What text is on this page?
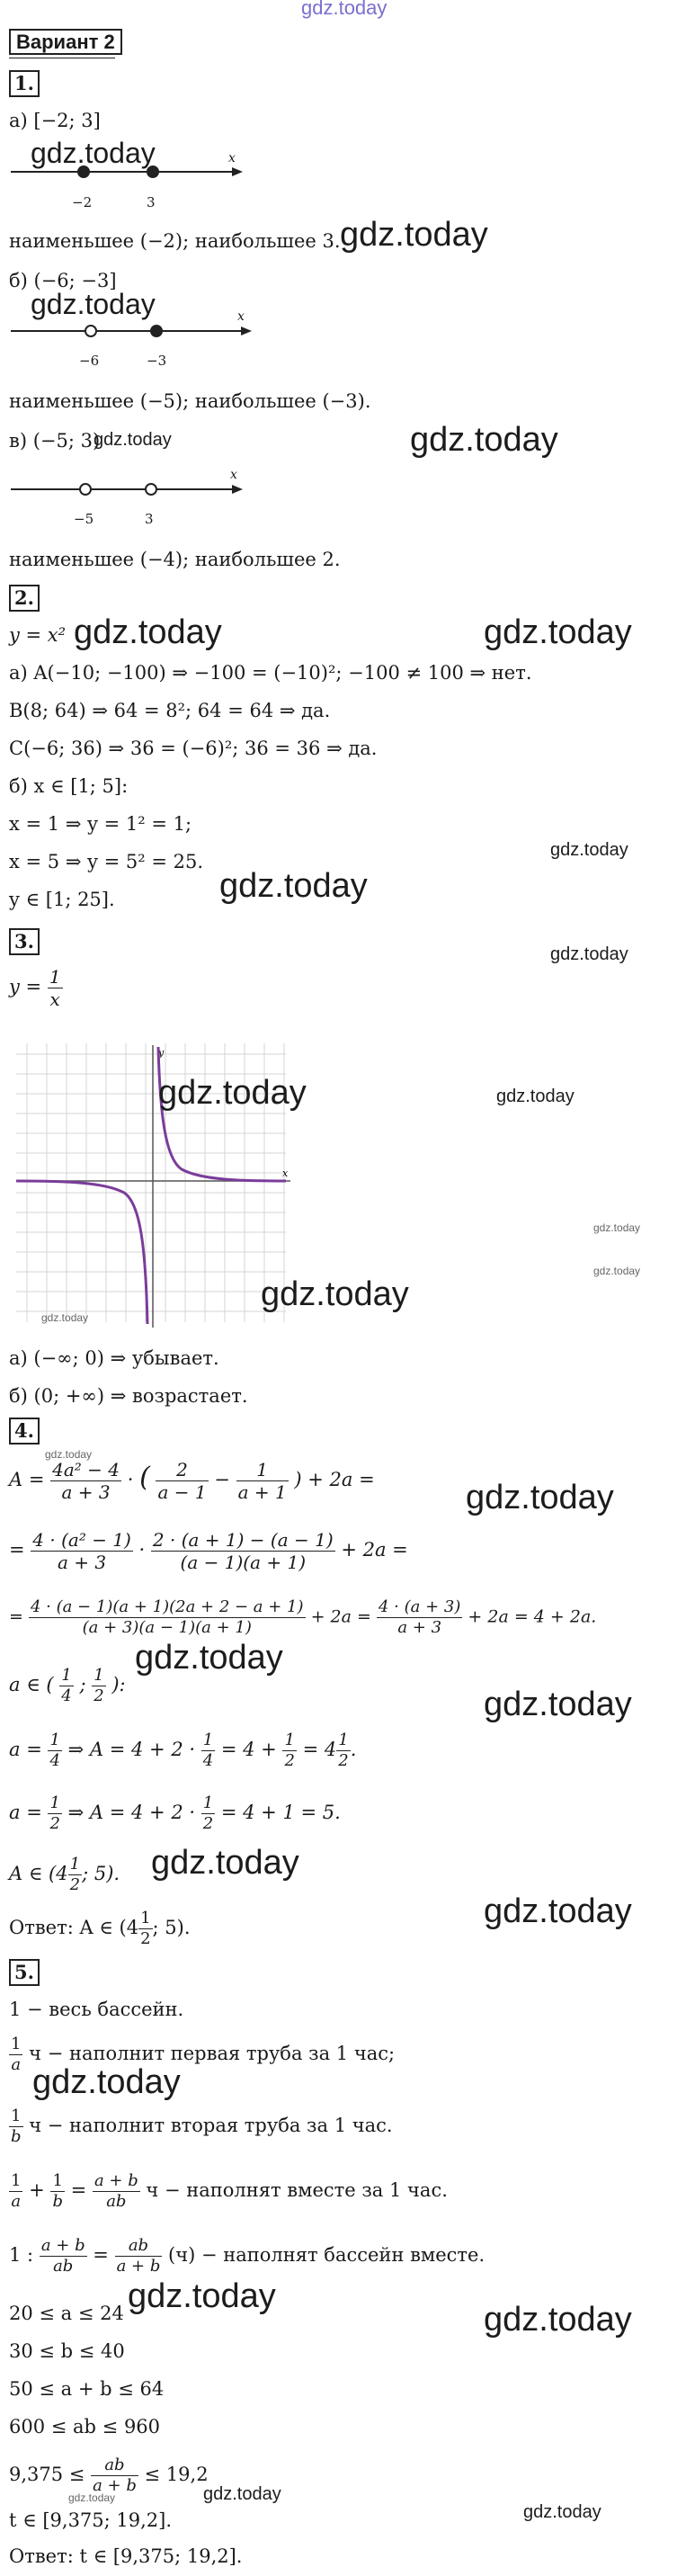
gdz.today
Вариант 2
1.
а) [−2; 3]
x
−2	3
gdz.today
наименьшее (−2); наибольшее 3. gdz.today
б) (−6; −3]
x
−6	−3
gdz.today
наименьшее (−5); наибольшее (−3).
в) (−5; 3)
gdz.today	gdz.today
x
−5	3
наименьшее (−4); наибольшее 2.
2.
y = x² gdz.today	gdz.today
а) A(−10; −100) ⇒ −100 = (−10)²; −100 ≠ 100 ⇒ нет.
B(8; 64) ⇒ 64 = 8²; 64 = 64 ⇒ да.
C(−6; 36) ⇒ 36 = (−6)²; 36 = 36 ⇒ да.
б) x ∈ [1; 5]:
x = 1 ⇒ y = 1² = 1;
x = 5 ⇒ y = 5² = 25.
gdz.today
y ∈ [1; 25].	gdz.today
3.
gdz.today
$y = \frac{1}{x}$
y
x
gdz.today	gdz.today
gdz.today
gdz.today
gdz.today
gdz.today
а) (−∞; 0) ⇒ убывает.
б) (0; +∞) ⇒ возрастает.
4.
gdz.today
$A = \frac{\text{4a² − 4}}{a + 3}$ · ( $\frac{2}{a - 1} - \frac{1}{a + 1}$ ) + 2a =	gdz.today
= $\frac{\text{4 · (a² − 1)}}{a + 3} \cdot \frac{2 \cdot (a + 1) - (a - 1)}{(a - 1)(a + 1)} + 2a$ =
= $\frac{4 \cdot (a - 1)(a + 1)(2a + 2 - a + 1)}{(a + 3)(a - 1)(a + 1)} + 2a = \frac{4 \cdot (a + 3)}{a + 3} + 2a = 4 + 2a$.
a ∈ ( $\frac{1}{4}$ ; $\frac{1}{2}$ ):
gdz.today
gdz.today
$a = \frac{1}{4}$ ⇒ $A = 4 + 2 \cdot \frac{1}{4} = 4 + \frac{1}{2} = 4 \frac{1}{2}$ .
$a = \frac{1}{2}$ ⇒ $A = 4 + 2 \cdot \frac{1}{2} = 4 + 1 = 5$.
A ∈ ($4 \frac{1}{2}$ ; 5). gdz.today
Ответ: A ∈ ($4 \frac{1}{2}$ ; 5).	gdz.today
5.
1 − весь бассейн.
$\frac{1}{a}$ ч − наполнит первая труба за 1 час;
gdz.today
$\frac{1}{b}$ ч − наполнит вторая труба за 1 час.
$\frac{1}{a} + \frac{1}{b} = \frac{a + b}{ab}$ ч − наполнят вместе за 1 час.
1 : $\frac{a + b}{ab} = \frac{ab}{a + b} (ч)$ − наполнят бассейн вместе.
20 ≤ a ≤ 24 gdz.today
gdz.today
30 ≤ b ≤ 40
50 ≤ a + b ≤ 64
600 ≤ ab ≤ 960
$9,375 \le \frac{ab}{a + b} \le 19,2$
gdz.today	gdz.today
gdz.today
t ∈ [9,375; 19,2].
Ответ: t ∈ [9,375; 19,2].
